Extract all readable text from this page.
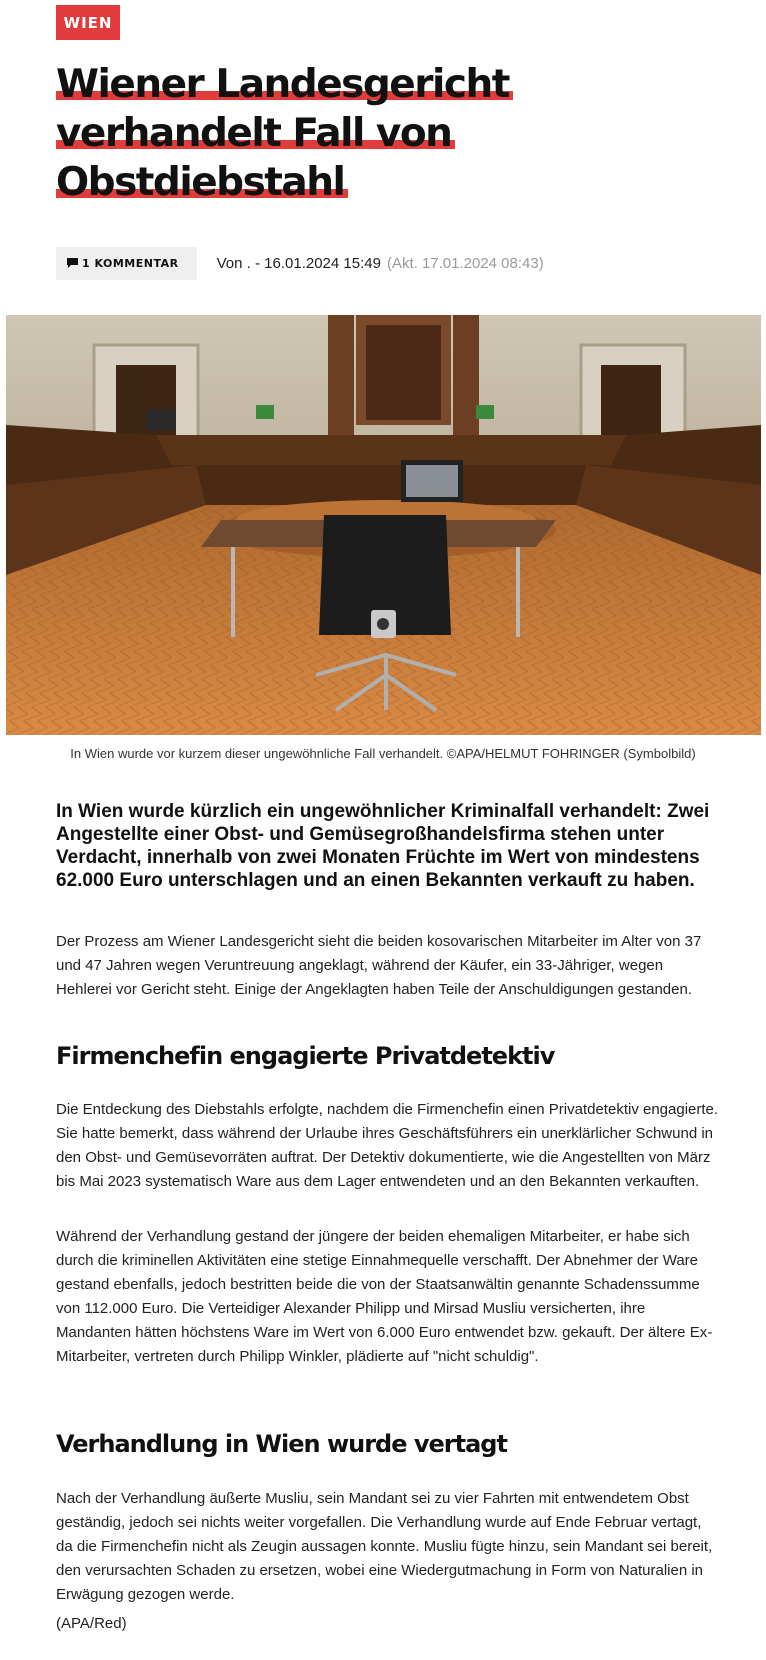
WIEN
Wiener Landesgericht
verhandelt Fall von
Obstdiebstahl
1 KOMMENTAR	Von . - 16.01.2024 15:49 (Akt. 17.01.2024 08:43)
In Wien wurde vor kurzem dieser ungewöhnliche Fall verhandelt. ©APA/HELMUT FOHRINGER (Symbolbild)

In Wien wurde kürzlich ein ungewöhnlicher Kriminalfall verhandelt: Zwei Angestellte einer Obst- und Gemüsegroßhandelsfirma stehen unter Verdacht, innerhalb von zwei Monaten Früchte im Wert von mindestens 62.000 Euro unterschlagen und an einen Bekannten verkauft zu haben.

Der Prozess am Wiener Landesgericht sieht die beiden kosovarischen Mitarbeiter im Alter von 37 und 47 Jahren wegen Veruntreuung angeklagt, während der Käufer, ein 33-Jähriger, wegen Hehlerei vor Gericht steht. Einige der Angeklagten haben Teile der Anschuldigungen gestanden.

Firmenchefin engagierte Privatdetektiv

Die Entdeckung des Diebstahls erfolgte, nachdem die Firmenchefin einen Privatdetektiv engagierte. Sie hatte bemerkt, dass während der Urlaube ihres Geschäftsführers ein unerklärlicher Schwund in den Obst- und Gemüsevorräten auftrat. Der Detektiv dokumentierte, wie die Angestellten von März bis Mai 2023 systematisch Ware aus dem Lager entwendeten und an den Bekannten verkauften.

Während der Verhandlung gestand der jüngere der beiden ehemaligen Mitarbeiter, er habe sich durch die kriminellen Aktivitäten eine stetige Einnahmequelle verschafft. Der Abnehmer der Ware gestand ebenfalls, jedoch bestritten beide die von der Staatsanwältin genannte Schadenssumme von 112.000 Euro. Die Verteidiger Alexander Philipp und Mirsad Musliu versicherten, ihre Mandanten hätten höchstens Ware im Wert von 6.000 Euro entwendet bzw. gekauft. Der ältere Ex-Mitarbeiter, vertreten durch Philipp Winkler, plädierte auf "nicht schuldig".

Verhandlung in Wien wurde vertagt

Nach der Verhandlung äußerte Musliu, sein Mandant sei zu vier Fahrten mit entwendetem Obst geständig, jedoch sei nichts weiter vorgefallen. Die Verhandlung wurde auf Ende Februar vertagt, da die Firmenchefin nicht als Zeugin aussagen konnte. Musliu fügte hinzu, sein Mandant sei bereit, den verursachten Schaden zu ersetzen, wobei eine Wiedergutmachung in Form von Naturalien in Erwägung gezogen werde.

(APA/Red)
